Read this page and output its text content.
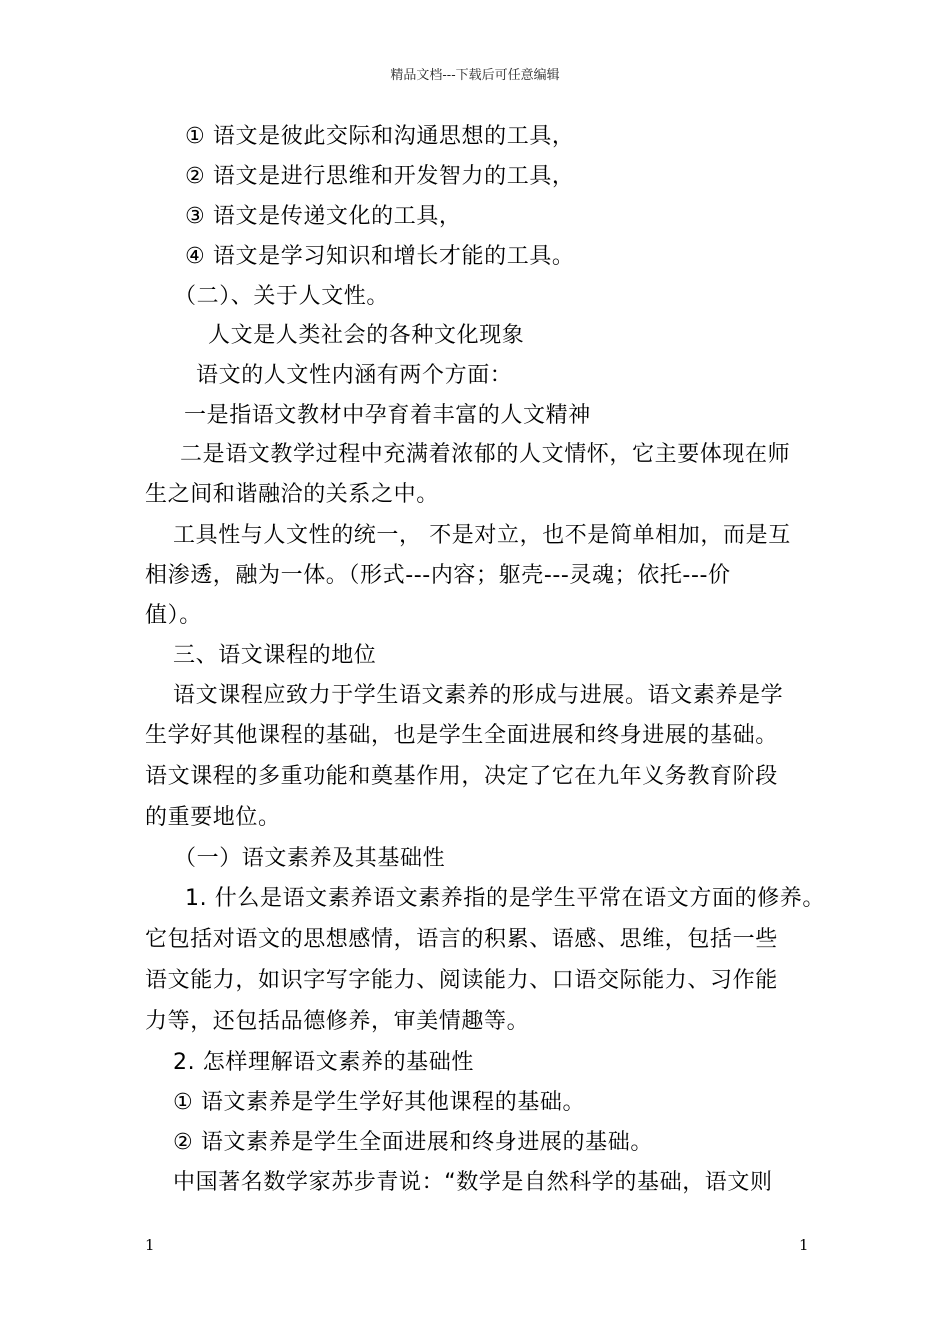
精品文档---下载后可任意编辑
① 语文是彼此交际和沟通思想的工具，
② 语文是进行思维和开发智力的工具，
③ 语文是传递文化的工具，
④ 语文是学习知识和增长才能的工具。
（二）、关于人文性。
人文是人类社会的各种文化现象
语文的人文性内涵有两个方面：
一是指语文教材中孕育着丰富的人文精神
二是语文教学过程中充满着浓郁的人文情怀，它主要体现在师
生之间和谐融洽的关系之中。
工具性与人文性的统一， 不是对立，也不是简单相加，而是互
相渗透，融为一体。（形式---内容；躯壳---灵魂；依托---价
值）。
三、语文课程的地位
语文课程应致力于学生语文素养的形成与进展。语文素养是学
生学好其他课程的基础，也是学生全面进展和终身进展的基础。
语文课程的多重功能和奠基作用，决定了它在九年义务教育阶段
的重要地位。
（一）语文素养及其基础性
1. 什么是语文素养语文素养指的是学生平常在语文方面的修养。
它包括对语文的思想感情，语言的积累、语感、思维，包括一些
语文能力，如识字写字能力、阅读能力、口语交际能力、习作能
力等，还包括品德修养，审美情趣等。
2. 怎样理解语文素养的基础性
① 语文素养是学生学好其他课程的基础。
② 语文素养是学生全面进展和终身进展的基础。
中国著名数学家苏步青说：“数学是自然科学的基础，语文则
1	1
